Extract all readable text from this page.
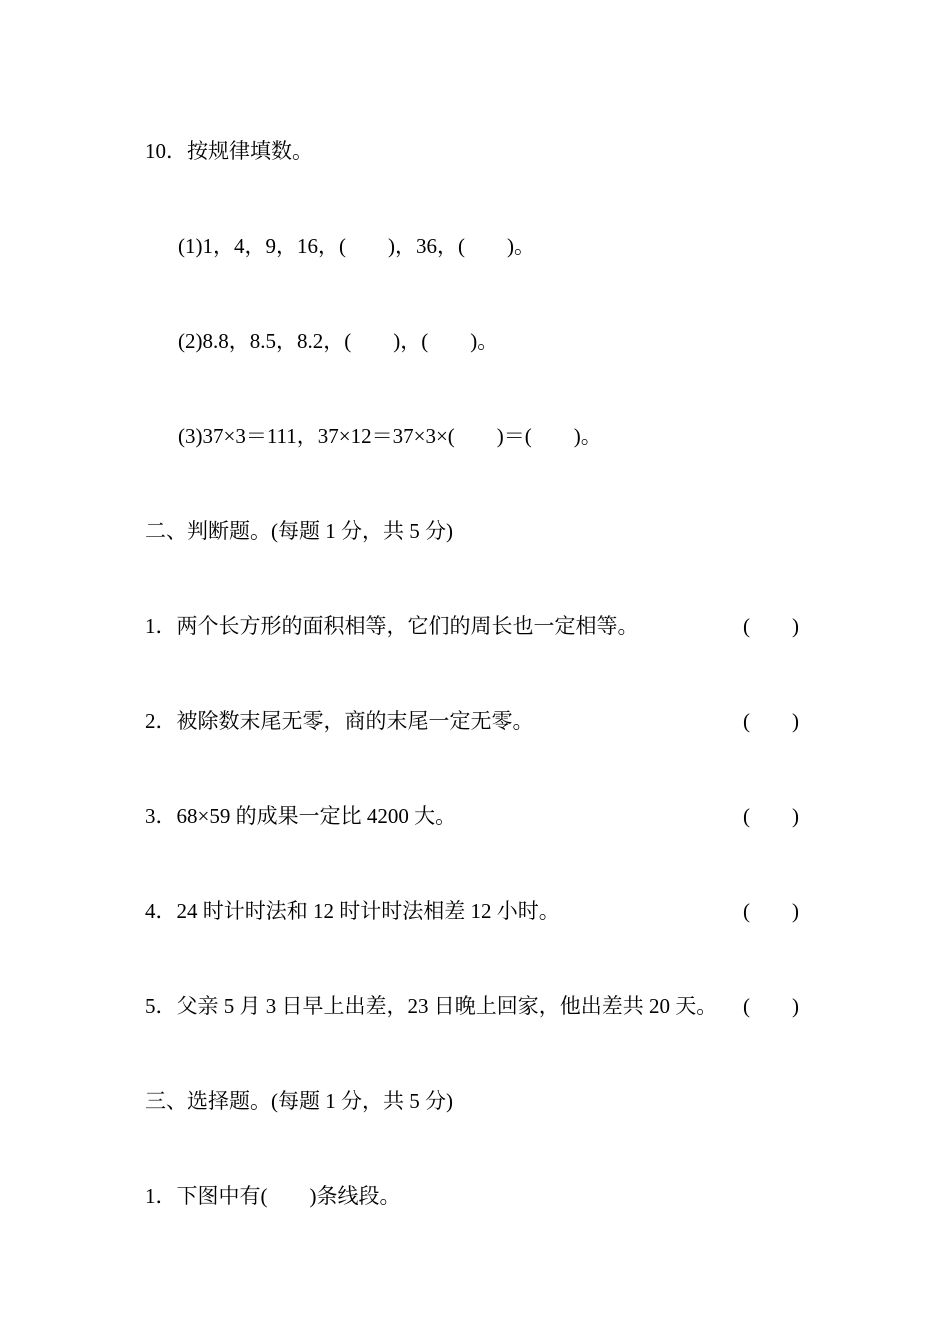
10．按规律填数。
(1)1，4，9，16，(　　)，36，(　　)。
(2)8.8，8.5，8.2，(　　)，(　　)。
(3)37×3＝111，37×12＝37×3×(　　)＝(　　)。
二、判断题。(每题 1 分，共 5 分)
1．两个长方形的面积相等，它们的周长也一定相等。	(　　)
2．被除数末尾无零，商的末尾一定无零。	(　　)
3．68×59 的成果一定比 4200 大。	(　　)
4．24 时计时法和 12 时计时法相差 12 小时。	(　　)
5．父亲 5 月 3 日早上出差，23 日晚上回家，他出差共 20 天。 (　　)
三、选择题。(每题 1 分，共 5 分)
1．下图中有(　　)条线段。
